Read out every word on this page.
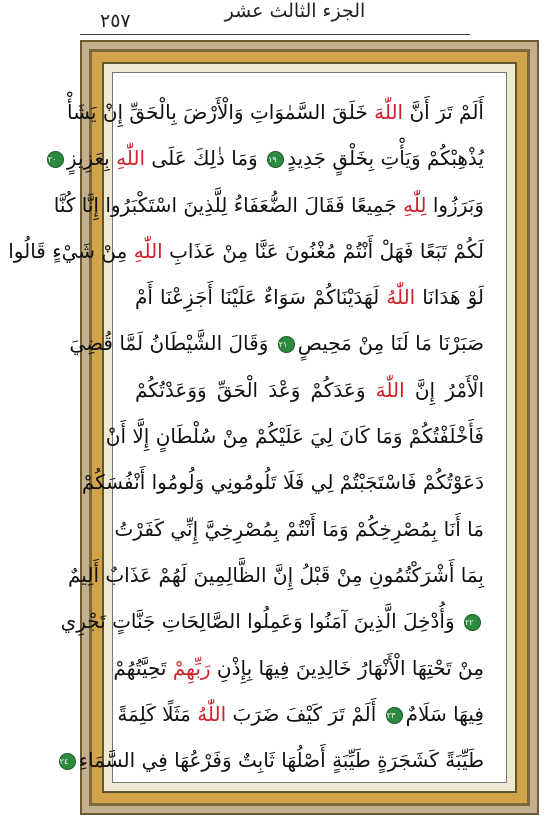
٢٥٧	الجزء الثالث عشر
أَلَمْ تَرَ أَنَّ اللّٰهَ خَلَقَ السَّمٰوَاتِ وَالْأَرْضَ بِالْحَقِّ إِنْ يَشَأْ
يُذْهِبْكُمْ وَيَأْتِ بِخَلْقٍ جَدِيدٍ١٩ وَمَا ذٰلِكَ عَلَى اللّٰهِ بِعَزِيزٍ٢٠
وَبَرَزُوا لِلّٰهِ جَمِيعًا فَقَالَ الضُّعَفَاءُ لِلَّذِينَ اسْتَكْبَرُوا إِنَّا كُنَّا
لَكُمْ تَبَعًا فَهَلْ أَنْتُمْ مُغْنُونَ عَنَّا مِنْ عَذَابِ اللّٰهِ مِنْ شَيْءٍ قَالُوا
لَوْ هَدَانَا اللّٰهُ لَهَدَيْنَاكُمْ سَوَاءٌ عَلَيْنَا أَجَزِعْنَا أَمْ
صَبَرْنَا مَا لَنَا مِنْ مَحِيصٍ٢١ وَقَالَ الشَّيْطَانُ لَمَّا قُضِيَ
الْأَمْرُ إِنَّ اللّٰهَ وَعَدَكُمْ وَعْدَ الْحَقِّ وَوَعَدْتُكُمْ
فَأَخْلَفْتُكُمْ وَمَا كَانَ لِيَ عَلَيْكُمْ مِنْ سُلْطَانٍ إِلَّا أَنْ
دَعَوْتُكُمْ فَاسْتَجَبْتُمْ لِي فَلَا تَلُومُونِي وَلُومُوا أَنْفُسَكُمْ
مَا أَنَا بِمُصْرِخِكُمْ وَمَا أَنْتُمْ بِمُصْرِخِيَّ إِنِّي كَفَرْتُ
بِمَا أَشْرَكْتُمُونِ مِنْ قَبْلُ إِنَّ الظَّالِمِينَ لَهُمْ عَذَابٌ أَلِيمٌ
٢٢ وَأُدْخِلَ الَّذِينَ آمَنُوا وَعَمِلُوا الصَّالِحَاتِ جَنَّاتٍ تَجْرِي
مِنْ تَحْتِهَا الْأَنْهَارُ خَالِدِينَ فِيهَا بِإِذْنِ رَبِّهِمْ تَحِيَّتُهُمْ
فِيهَا سَلَامٌ٢٣ أَلَمْ تَرَ كَيْفَ ضَرَبَ اللّٰهُ مَثَلًا كَلِمَةً
طَيِّبَةً كَشَجَرَةٍ طَيِّبَةٍ أَصْلُهَا ثَابِتٌ وَفَرْعُهَا فِي السَّمَاءِ٢٤
